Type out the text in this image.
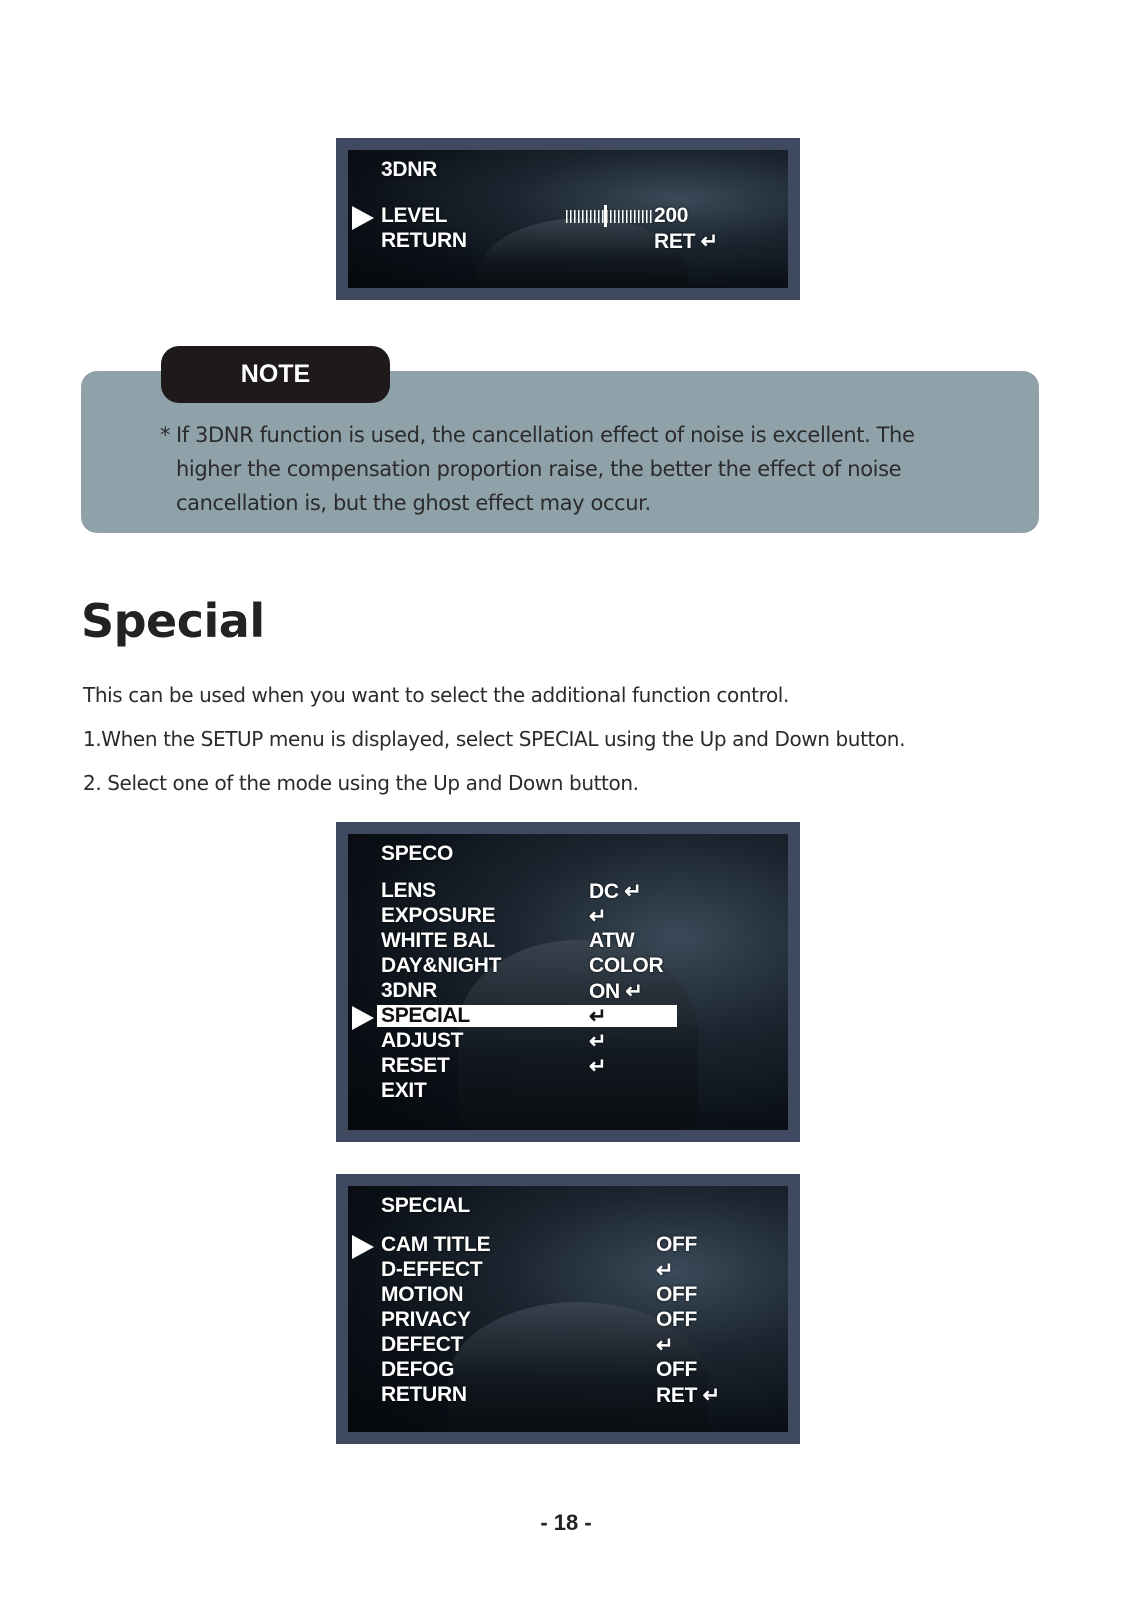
3DNR
LEVEL	200
RETURN	RET ↵
NOTE
* If 3DNR function is used, the cancellation effect of noise is excellent. The higher the compensation proportion raise, the better the effect of noise cancellation is, but the ghost effect may occur.
Special
This can be used when you want to select the additional function control.
1.When the SETUP menu is displayed, select SPECIAL using the Up and Down button.
2. Select one of the mode using the Up and Down button.
SPECO
LENS	DC ↵
EXPOSURE	↵
WHITE BAL	ATW
DAY&NIGHT	COLOR
3DNR	ON ↵
SPECIAL	↵
ADJUST	↵
RESET	↵
EXIT
SPECIAL
CAM TITLE	OFF
D-EFFECT	↵
MOTION	OFF
PRIVACY	OFF
DEFECT	↵
DEFOG	OFF
RETURN	RET ↵
- 18 -
